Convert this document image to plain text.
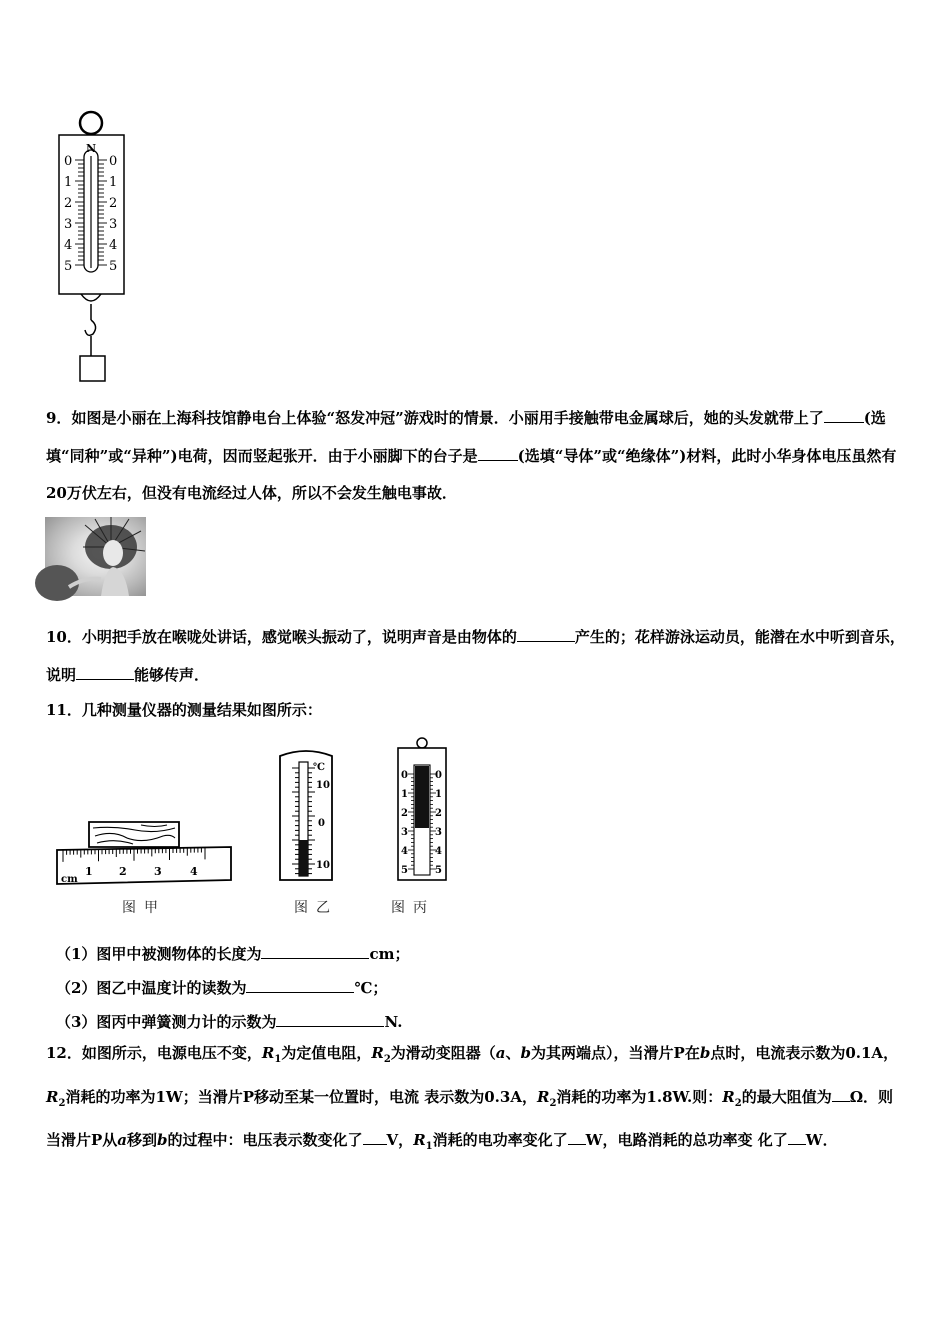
N
0
1
2
3
4
5
0
1
2
3
4
5

9．如图是小丽在上海科技馆静电台上体验“怒发冲冠”游戏时的情景．小丽用手接触带电金属球后，她的头发就带上了	(选填“同种”或“异种”)电荷，因而竖起张开．由于小丽脚下的台子是	(选填“导体”或“绝缘体”)材料，此时小华身体电压虽然有20万伏左右，但没有电流经过人体，所以不会发生触电事故．

10．小明把手放在喉咙处讲话，感觉喉头振动了，说明声音是由物体的	产生的；花样游泳运动员，能潜在水中听到音乐，说明	能够传声．

11．几种测量仪器的测量结果如图所示：

cm
1 2 3	4
℃
10
0
10
0
1
2
3
4
5
0
1
2
3
4
5
图甲	图乙	图丙

（1）图甲中被测物体的长度为	cm；

（2）图乙中温度计的读数为	℃；

（3）图丙中弹簧测力计的示数为	N.

12．如图所示，电源电压不变，$R_1$为定值电阻，$R_2$为滑动变阻器（a、b为其两端点），当滑片P在b点时，电流表示数为0.1A，$R_2$消耗的功率为1W；当滑片P移动至某一位置时，电流 表示数为0.3A，$R_2$消耗的功率为1.8W.则：$R_2$的最大阻值为 Ω．则当滑片P从a移到b的过程中：电压表示数变化了 V，$R_1$消耗的电功率变化了 W，电路消耗的总功率变 化了 W．
